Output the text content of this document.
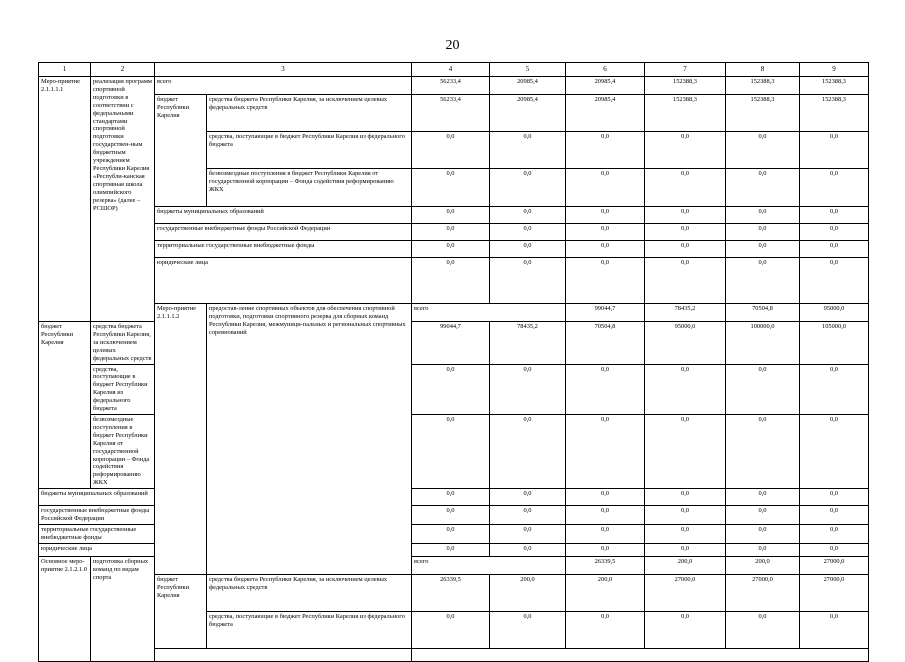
20
1	2	3		4	5	6	7	8	9	
Меро-приятие 2.1.1.1.1	реализация программ спортивной подготовки в соответствии с федеральными стандартами спортивной подготовки государствен-ным бюджетным учреждением Республики Карелия «Республи-канская спортивная школа олимпийского резерва» (далее – РСШОР)	всего		56233,4	20985,4	20985,4	152388,3	152388,3	152388,3	
		бюджет Республики Карелия	средства бюджета Республики Карелия, за исключением целевых федеральных средств	56233,4	20985,4	20985,4	152388,3	152388,3	152388,3	
			средства, поступающие в бюджет Республики Карелия из федерального бюджета	0,0	0,0	0,0	0,0	0,0	0,0	
			безвозмездные поступления в бюджет Республики Карелия от государственной корпорации – Фонда содействия реформированию ЖКХ	0,0	0,0	0,0	0,0	0,0	0,0	
		бюджеты муниципальных образований		0,0	0,0	0,0	0,0	0,0	0,0	
		государственные внебюджетные фонды Российской Федерации		0,0	0,0	0,0	0,0	0,0	0,0	
		территориальные государственные внебюджетные фонды		0,0	0,0	0,0	0,0	0,0	0,0	
		юридические лица		0,0	0,0	0,0	0,0	0,0	0,0	
		Меро-приятие 2.1.1.1.2	предостав-ление спортивных объектов для обеспечения спортивной подготовки, подготовки спортивного резерва для сборных команд Республики Карелия, межмуници-пальных и региональных спортивных соревнований	всего		99044,7	78435,2	70504,8	95000,0		
бюджет Республики Карелия	средства бюджета Республики Карелия, за исключением целевых федеральных средств			99044,7	78435,2	70504,8	95000,0	100000,0	105000,0	
	средства, поступающие в бюджет Республики Карелия из федерального бюджета			0,0	0,0	0,0	0,0	0,0	0,0	
	безвозмездные поступления в бюджет Республики Карелия от государственной корпорации – Фонда содействия реформированию ЖКХ			0,0	0,0	0,0	0,0	0,0	0,0	
бюджеты муниципальных образований				0,0	0,0	0,0	0,0	0,0	0,0	
государственные внебюджетные фонды Российской Федерации				0,0	0,0	0,0	0,0	0,0	0,0	
территориальные государственные внебюджетные фонды				0,0	0,0	0,0	0,0	0,0	0,0	
юридические лица				0,0	0,0	0,0	0,0	0,0	0,0	
Основное меро-приятие 2.1.2.1.0	подготовка сборных команд по видам спорта			всего		26339,5	200,0	200,0	27000,0		
		бюджет Республики Карелия	средства бюджета Республики Карелия, за исключением целевых федеральных средств	26339,5	200,0	200,0	27000,0	27000,0	27000,0	
			средства, поступающие в бюджет Республики Карелия из федерального бюджета	0,0	0,0	0,0	0,0	0,0	0,0	
